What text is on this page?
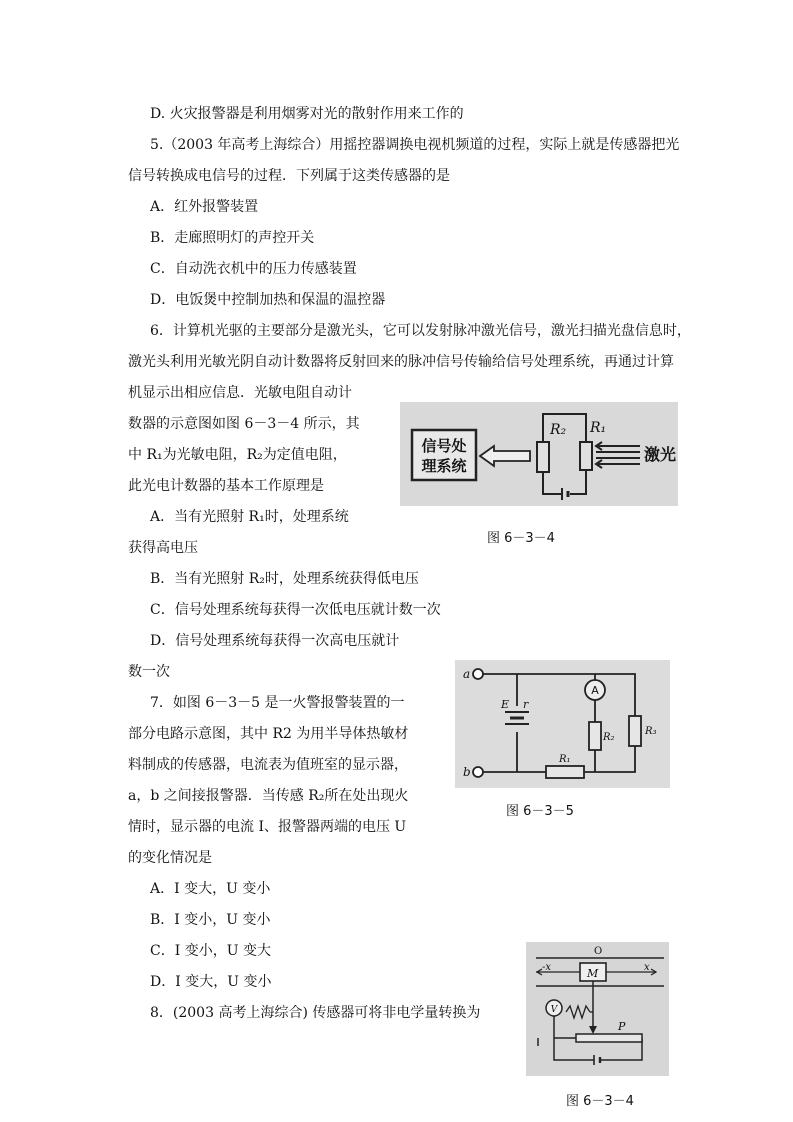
D. 火灾报警器是利用烟雾对光的散射作用来工作的
5.（2003 年高考上海综合）用摇控器调换电视机频道的过程，实际上就是传感器把光
信号转换成电信号的过程．下列属于这类传感器的是
A．红外报警装置
B．走廊照明灯的声控开关
C．自动洗衣机中的压力传感装置
D．电饭煲中控制加热和保温的温控器
6．计算机光驱的主要部分是激光头，它可以发射脉冲激光信号，激光扫描光盘信息时，
激光头利用光敏光阴自动计数器将反射回来的脉冲信号传输给信号处理系统，再通过计算
机显示出相应信息．光敏电阻自动计
数器的示意图如图 6－3－4 所示，其
中 R₁为光敏电阻，R₂为定值电阻，
此光电计数器的基本工作原理是
A．当有光照射 R₁时，处理系统
获得高电压
B．当有光照射 R₂时，处理系统获得低电压
C．信号处理系统每获得一次低电压就计数一次
D．信号处理系统每获得一次高电压就计
数一次
7．如图 6－3－5 是一火警报警装置的一
部分电路示意图，其中 R2 为用半导体热敏材
料制成的传感器，电流表为值班室的显示器，
a，b 之间接报警器．当传感 R₂所在处出现火
情时，显示器的电流 I、报警器两端的电压 U
的变化情况是
A．I 变大，U 变小
B．I 变小，U 变小
C．I 变小，U 变大
D．I 变大，U 变小
8．(2003 高考上海综合) 传感器可将非电学量转换为
信号处
理系统
R₂ R₁
激光
图 6－3－4
a
b
E r
A
R₂
R₃
R₁
图 6－3－5
O
-x	x
M
V
P
图 6－3－4
